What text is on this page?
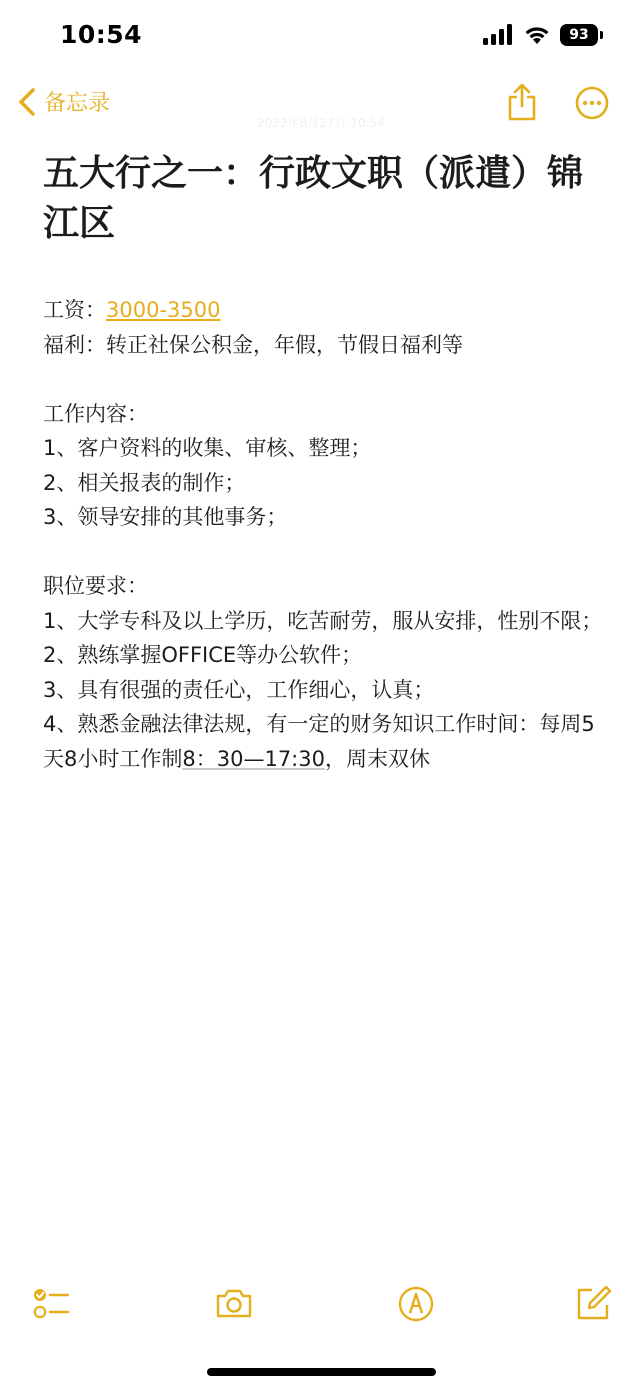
10:54	93
备忘录
2022年8月27日 10:54
五大行之一：行政文职（派遣）锦江区
工资：3000-3500
福利：转正社保公积金，年假，节假日福利等
工作内容：
1、客户资料的收集、审核、整理；
2、相关报表的制作；
3、领导安排的其他事务；
职位要求：
1、大学专科及以上学历，吃苦耐劳，服从安排，性别不限；
2、熟练掌握OFFICE等办公软件；
3、具有很强的责任心，工作细心，认真；
4、熟悉金融法律法规，有一定的财务知识工作时间：每周5天8小时工作制8：30—17:30，周末双休
